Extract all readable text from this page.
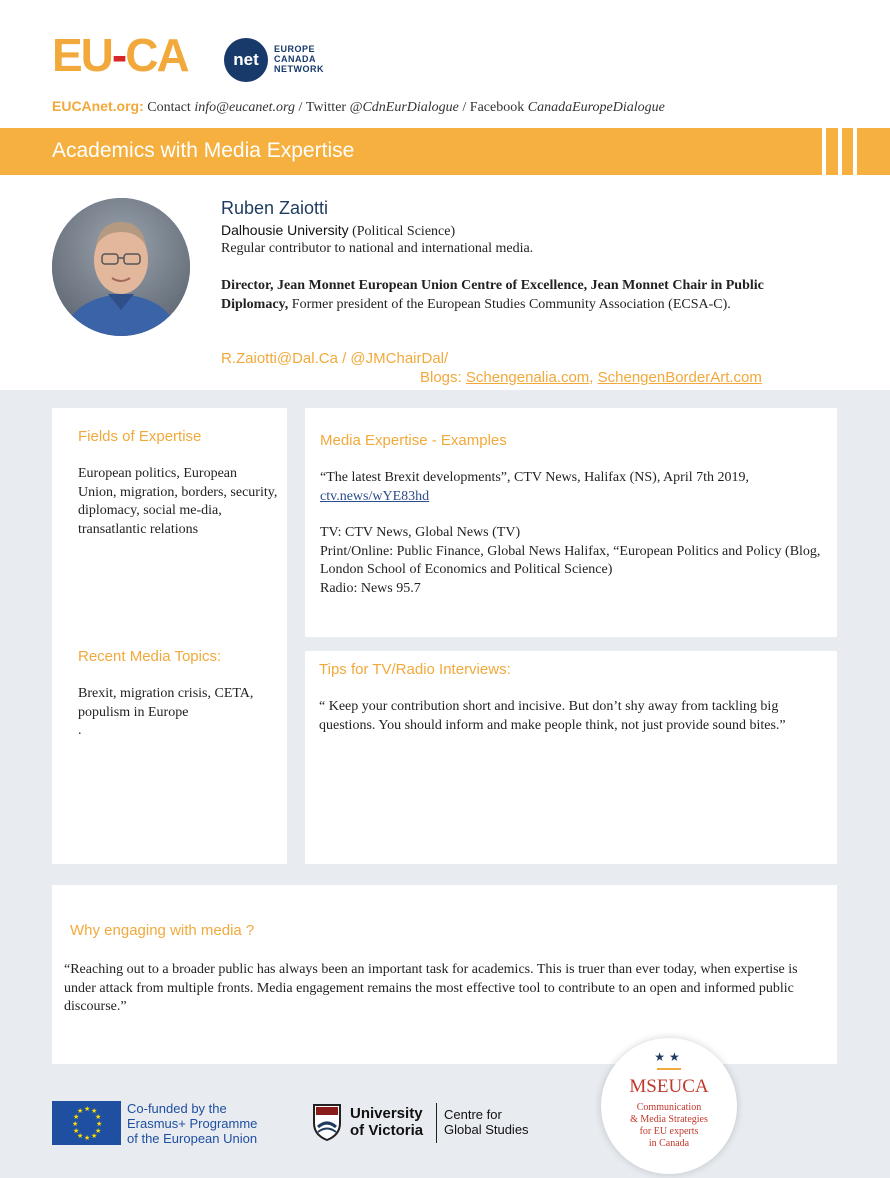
EU-CA	net
EUROPE
CANADA
NETWORK
EUCAnet.org: Contact info@eucanet.org / Twitter @CdnEurDialogue / Facebook CanadaEuropeDialogue
Academics with Media Expertise
Ruben Zaiotti
Dalhousie University (Political Science)
Regular contributor to national and international media.
Director, Jean Monnet European Union Centre of Excellence, Jean Monnet Chair in Public Diplomacy, Former president of the European Studies Community Association (ECSA-C).
R.Zaiotti@Dal.Ca / @JMChairDal/
Blogs: Schengenalia.com, SchengenBorderArt.com
Fields of Expertise
European politics, European Union, migration, borders, security, diplomacy, social me-dia, transatlantic relations
Recent Media Topics:
Brexit, migration crisis, CETA, populism in Europe
.
Media Expertise - Examples
“The latest Brexit developments”, CTV News, Halifax (NS), April 7th 2019,
ctv.news/wYE83hd
TV: CTV News, Global News (TV)
Print/Online: Public Finance, Global News Halifax, “European Politics and Policy (Blog, London School of Economics and Political Science)
Radio: News 95.7
Tips for TV/Radio Interviews:
“ Keep your contribution short and incisive. But don’t shy away from tackling big questions. You should inform and make people think, not just provide sound bites.”
Why engaging with media ?
“Reaching out to a broader public has always been an important task for academics. This is truer than ever today, when expertise is under attack from multiple fronts. Media engagement remains the most effective tool to contribute to an open and informed public discourse.”
★ ★
★
★
★
★
★
★
★
★
★
★	Co-funded by the
Erasmus+ Programme
of the European Union
University
of Victoria
Centre for
Global Studies
★★
MSEUCA
Communication
& Media Strategies
for EU experts
in Canada
